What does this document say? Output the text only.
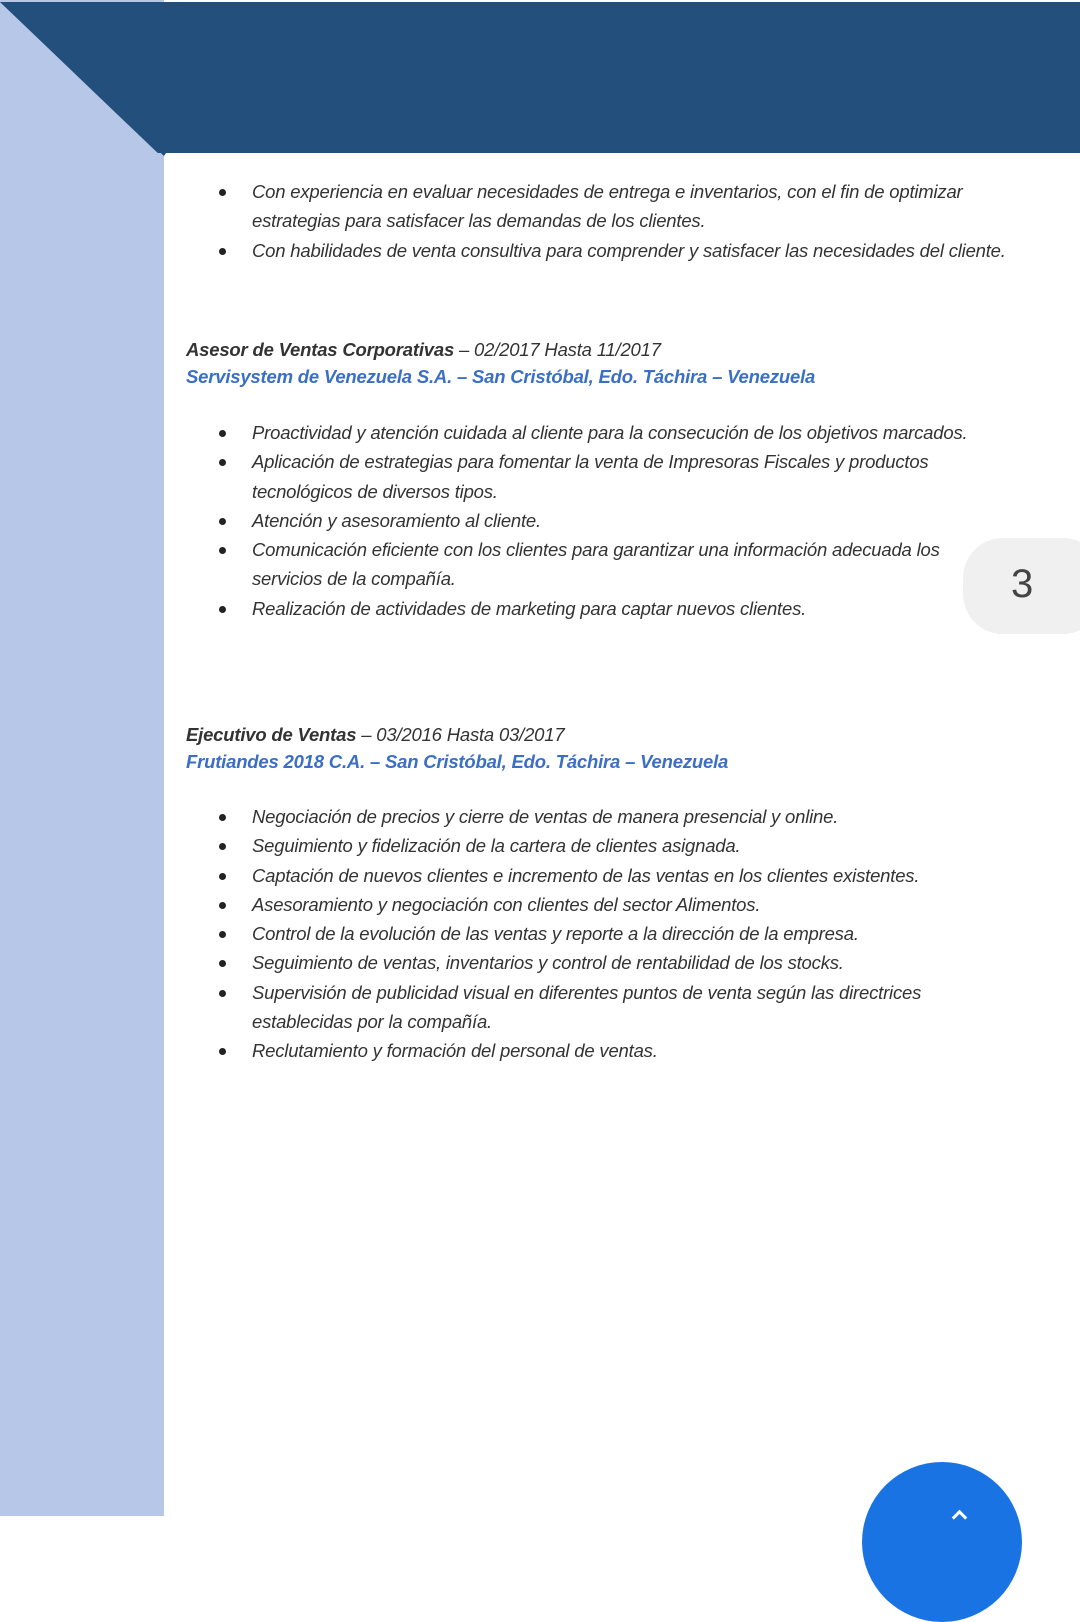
Con experiencia en evaluar necesidades de entrega e inventarios, con el fin de optimizar estrategias para satisfacer las demandas de los clientes.
Con habilidades de venta consultiva para comprender y satisfacer las necesidades del cliente.
Asesor de Ventas Corporativas – 02/2017 Hasta 11/2017
Servisystem de Venezuela S.A. – San Cristóbal, Edo. Táchira – Venezuela
Proactividad y atención cuidada al cliente para la consecución de los objetivos marcados.
Aplicación de estrategias para fomentar la venta de Impresoras Fiscales y productos tecnológicos de diversos tipos.
Atención y asesoramiento al cliente.
Comunicación eficiente con los clientes para garantizar una información adecuada los servicios de la compañía.
Realización de actividades de marketing para captar nuevos clientes.
Ejecutivo de Ventas – 03/2016 Hasta 03/2017
Frutiandes 2018 C.A. – San Cristóbal, Edo. Táchira – Venezuela
Negociación de precios y cierre de ventas de manera presencial y online.
Seguimiento y fidelización de la cartera de clientes asignada.
Captación de nuevos clientes e incremento de las ventas en los clientes existentes.
Asesoramiento y negociación con clientes del sector Alimentos.
Control de la evolución de las ventas y reporte a la dirección de la empresa.
Seguimiento de ventas, inventarios y control de rentabilidad de los stocks.
Supervisión de publicidad visual en diferentes puntos de venta según las directrices establecidas por la compañía.
Reclutamiento y formación del personal de ventas.
3
